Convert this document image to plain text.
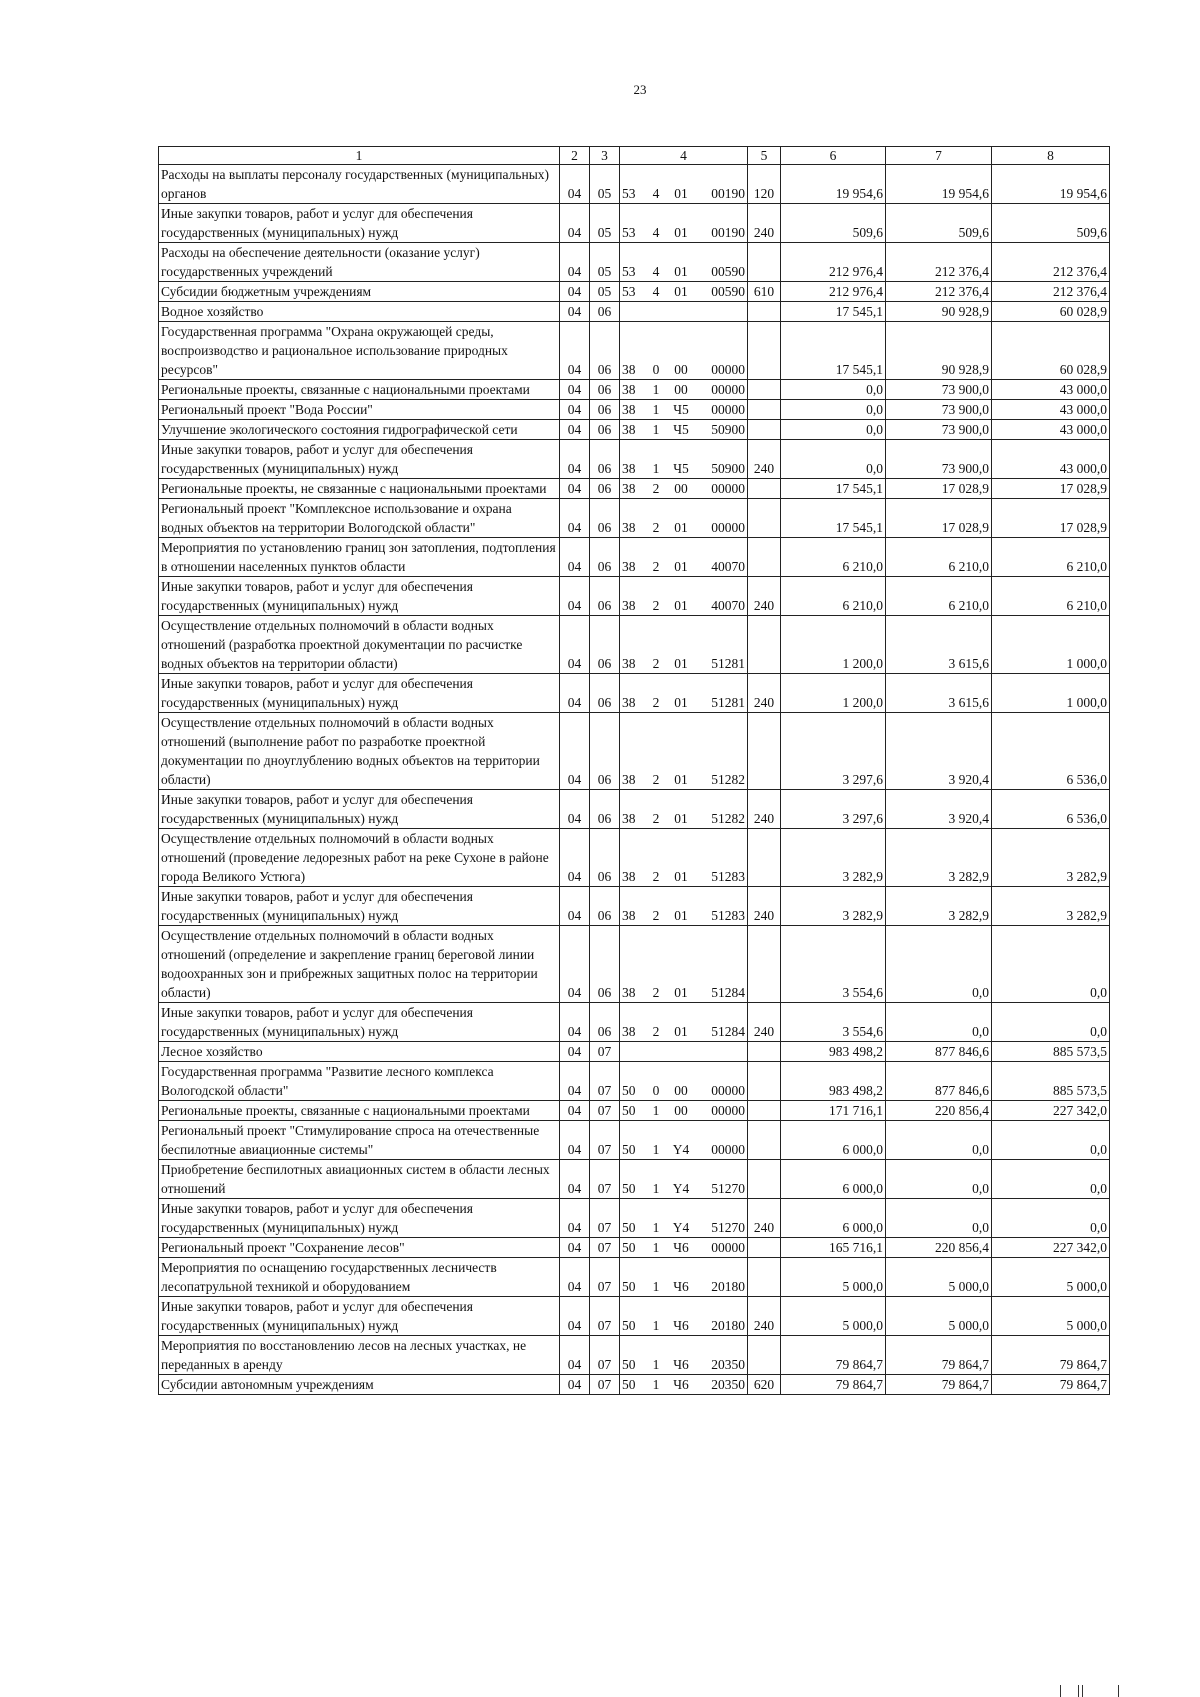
23
1	2	3	4	5	6	7	8
Расходы на выплаты персоналу государственных (муниципальных) органов	04	05	53 4 01 00190	120	19 954,6	19 954,6	19 954,6
Иные закупки товаров, работ и услуг для обеспечения государственных (муниципальных) нужд	04	05	53 4 01 00190	240	509,6	509,6	509,6
Расходы на обеспечение деятельности (оказание услуг) государственных учреждений	04	05	53 4 01 00590		212 976,4	212 376,4	212 376,4
Субсидии бюджетным учреждениям	04	05	53 4 01 00590	610	212 976,4	212 376,4	212 376,4
Водное хозяйство	04	06			17 545,1	90 928,9	60 028,9
Государственная программа "Охрана окружающей среды, воспроизводство и рациональное использование природных ресурсов"	04	06	38 0 00 00000		17 545,1	90 928,9	60 028,9
Региональные проекты, связанные с национальными проектами	04	06	38 1 00 00000		0,0	73 900,0	43 000,0
Региональный проект "Вода России"	04	06	38 1 Ч5 00000		0,0	73 900,0	43 000,0
Улучшение экологического состояния гидрографической сети	04	06	38 1 Ч5 50900		0,0	73 900,0	43 000,0
Иные закупки товаров, работ и услуг для обеспечения государственных (муниципальных) нужд	04	06	38 1 Ч5 50900	240	0,0	73 900,0	43 000,0
Региональные проекты, не связанные с национальными проектами	04	06	38 2 00 00000		17 545,1	17 028,9	17 028,9
Региональный проект "Комплексное использование и охрана водных объектов на территории Вологодской области"	04	06	38 2 01 00000		17 545,1	17 028,9	17 028,9
Мероприятия по установлению границ зон затопления, подтопления в отношении населенных пунктов области	04	06	38 2 01 40070		6 210,0	6 210,0	6 210,0
Иные закупки товаров, работ и услуг для обеспечения государственных (муниципальных) нужд	04	06	38 2 01 40070	240	6 210,0	6 210,0	6 210,0
Осуществление отдельных полномочий в области водных отношений (разработка проектной документации по расчистке водных объектов на территории области)	04	06	38 2 01 51281		1 200,0	3 615,6	1 000,0
Иные закупки товаров, работ и услуг для обеспечения государственных (муниципальных) нужд	04	06	38 2 01 51281	240	1 200,0	3 615,6	1 000,0
Осуществление отдельных полномочий в области водных отношений (выполнение работ по разработке проектной документации по дноуглублению водных объектов на территории области)	04	06	38 2 01 51282		3 297,6	3 920,4	6 536,0
Иные закупки товаров, работ и услуг для обеспечения государственных (муниципальных) нужд	04	06	38 2 01 51282	240	3 297,6	3 920,4	6 536,0
Осуществление отдельных полномочий в области водных отношений (проведение ледорезных работ на реке Сухоне в районе города Великого Устюга)	04	06	38 2 01 51283		3 282,9	3 282,9	3 282,9
Иные закупки товаров, работ и услуг для обеспечения государственных (муниципальных) нужд	04	06	38 2 01 51283	240	3 282,9	3 282,9	3 282,9
Осуществление отдельных полномочий в области водных отношений (определение и закрепление границ береговой линии водоохранных зон и прибрежных защитных полос на территории области)	04	06	38 2 01 51284		3 554,6	0,0	0,0
Иные закупки товаров, работ и услуг для обеспечения государственных (муниципальных) нужд	04	06	38 2 01 51284	240	3 554,6	0,0	0,0
Лесное хозяйство	04	07			983 498,2	877 846,6	885 573,5
Государственная программа "Развитие лесного комплекса Вологодской области"	04	07	50 0 00 00000		983 498,2	877 846,6	885 573,5
Региональные проекты, связанные с национальными проектами	04	07	50 1 00 00000		171 716,1	220 856,4	227 342,0
Региональный проект "Стимулирование спроса на отечественные беспилотные авиационные системы"	04	07	50 1 Y4 00000		6 000,0	0,0	0,0
Приобретение беспилотных авиационных систем в области лесных отношений	04	07	50 1 Y4 51270		6 000,0	0,0	0,0
Иные закупки товаров, работ и услуг для обеспечения государственных (муниципальных) нужд	04	07	50 1 Y4 51270	240	6 000,0	0,0	0,0
Региональный проект "Сохранение лесов"	04	07	50 1 Ч6 00000		165 716,1	220 856,4	227 342,0
Мероприятия по оснащению государственных лесничеств лесопатрульной техникой и оборудованием	04	07	50 1 Ч6 20180		5 000,0	5 000,0	5 000,0
Иные закупки товаров, работ и услуг для обеспечения государственных (муниципальных) нужд	04	07	50 1 Ч6 20180	240	5 000,0	5 000,0	5 000,0
Мероприятия по восстановлению лесов на лесных участках, не переданных в аренду	04	07	50 1 Ч6 20350		79 864,7	79 864,7	79 864,7
Субсидии автономным учреждениям	04	07	50 1 Ч6 20350	620	79 864,7	79 864,7	79 864,7
